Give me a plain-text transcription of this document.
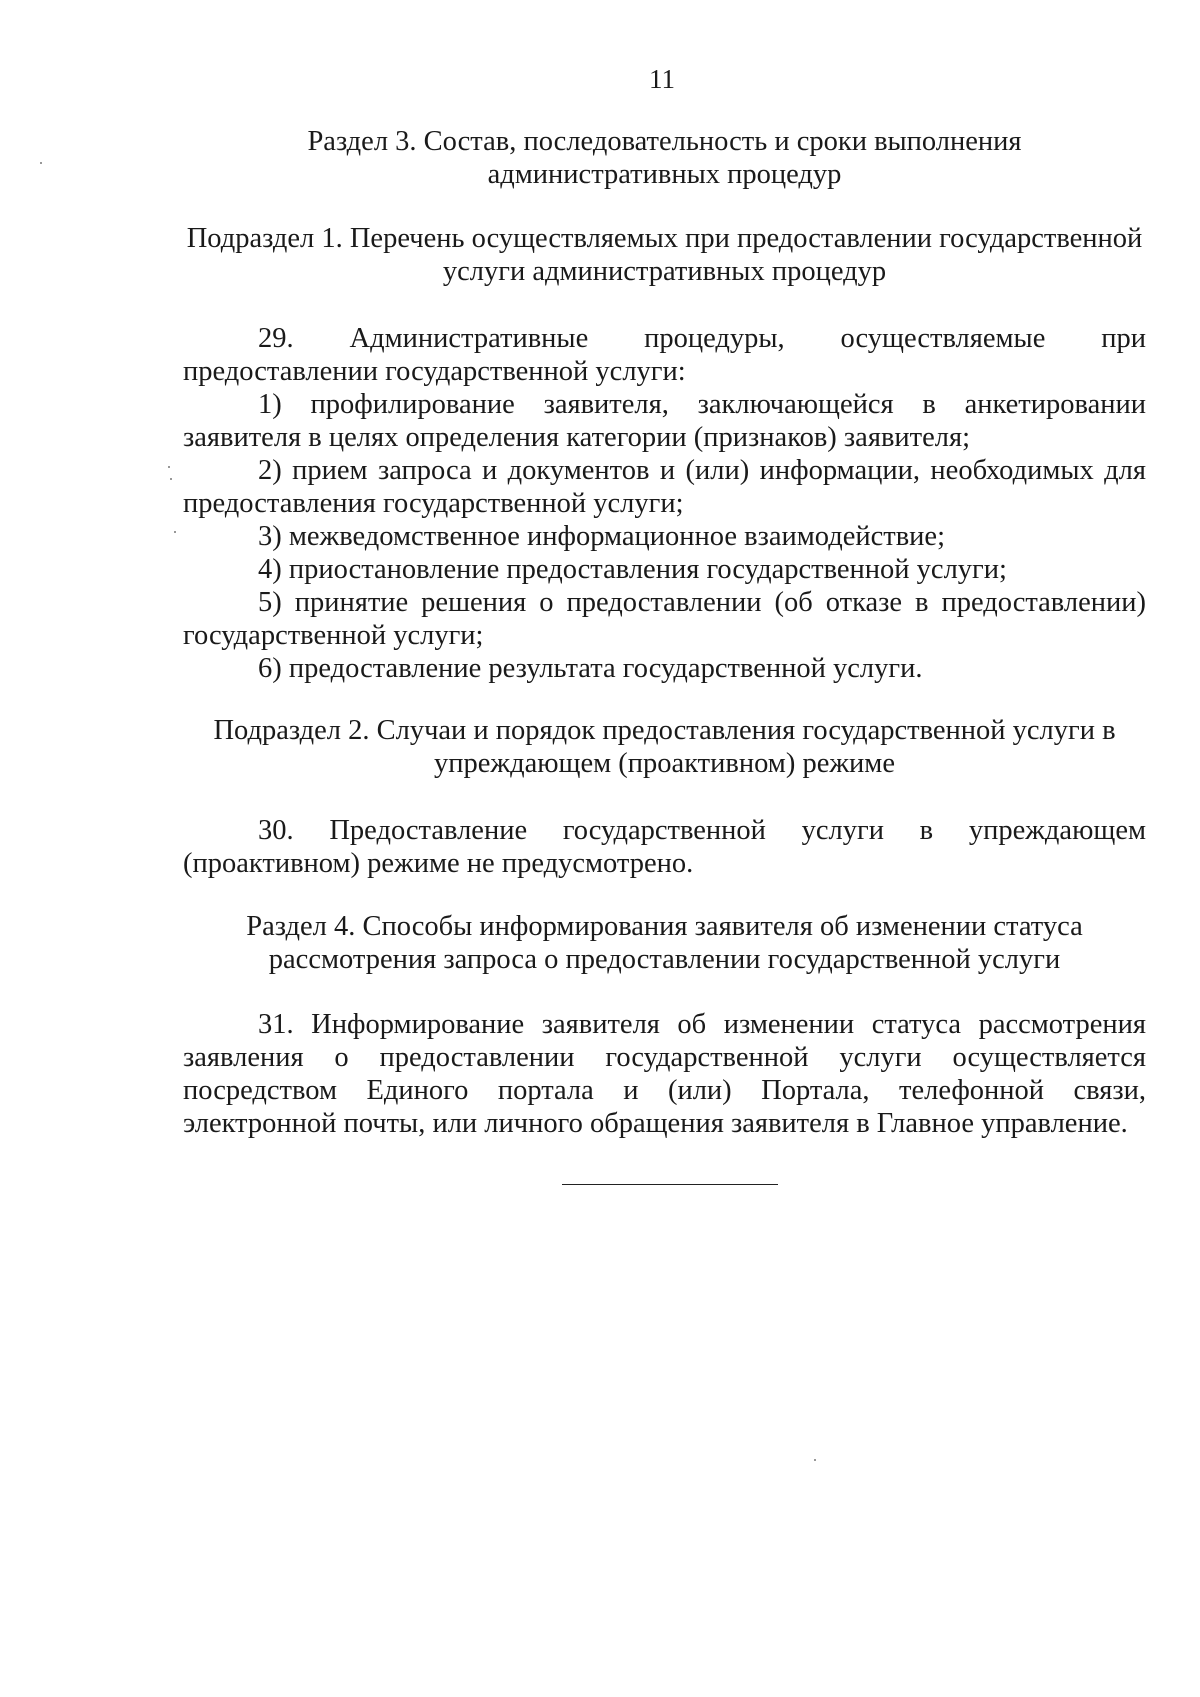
11
Раздел 3. Состав, последовательность и сроки выполнения
административных процедур
Подраздел 1. Перечень осуществляемых при предоставлении государственной
услуги административных процедур

29. Административные процедуры, осуществляемые при предоставлении государственной услуги:

1) профилирование заявителя, заключающейся в анкетировании заявителя в целях определения категории (признаков) заявителя;

2) прием запроса и документов и (или) информации, необходимых для предоставления государственной услуги;

3) межведомственное информационное взаимодействие;

4) приостановление предоставления государственной услуги;

5) принятие решения о предоставлении (об отказе в предоставлении) государственной услуги;

6) предоставление результата государственной услуги.

Подраздел 2. Случаи и порядок предоставления государственной услуги в
упреждающем (проактивном) режиме

30. Предоставление государственной услуги в упреждающем (проактивном) режиме не предусмотрено.

Раздел 4. Способы информирования заявителя об изменении статуса
рассмотрения запроса о предоставлении государственной услуги

31. Информирование заявителя об изменении статуса рассмотрения заявления о предоставлении государственной услуги осуществляется посредством Единого портала и (или) Портала, телефонной связи, электронной почты, или личного обращения заявителя в Главное управление.
